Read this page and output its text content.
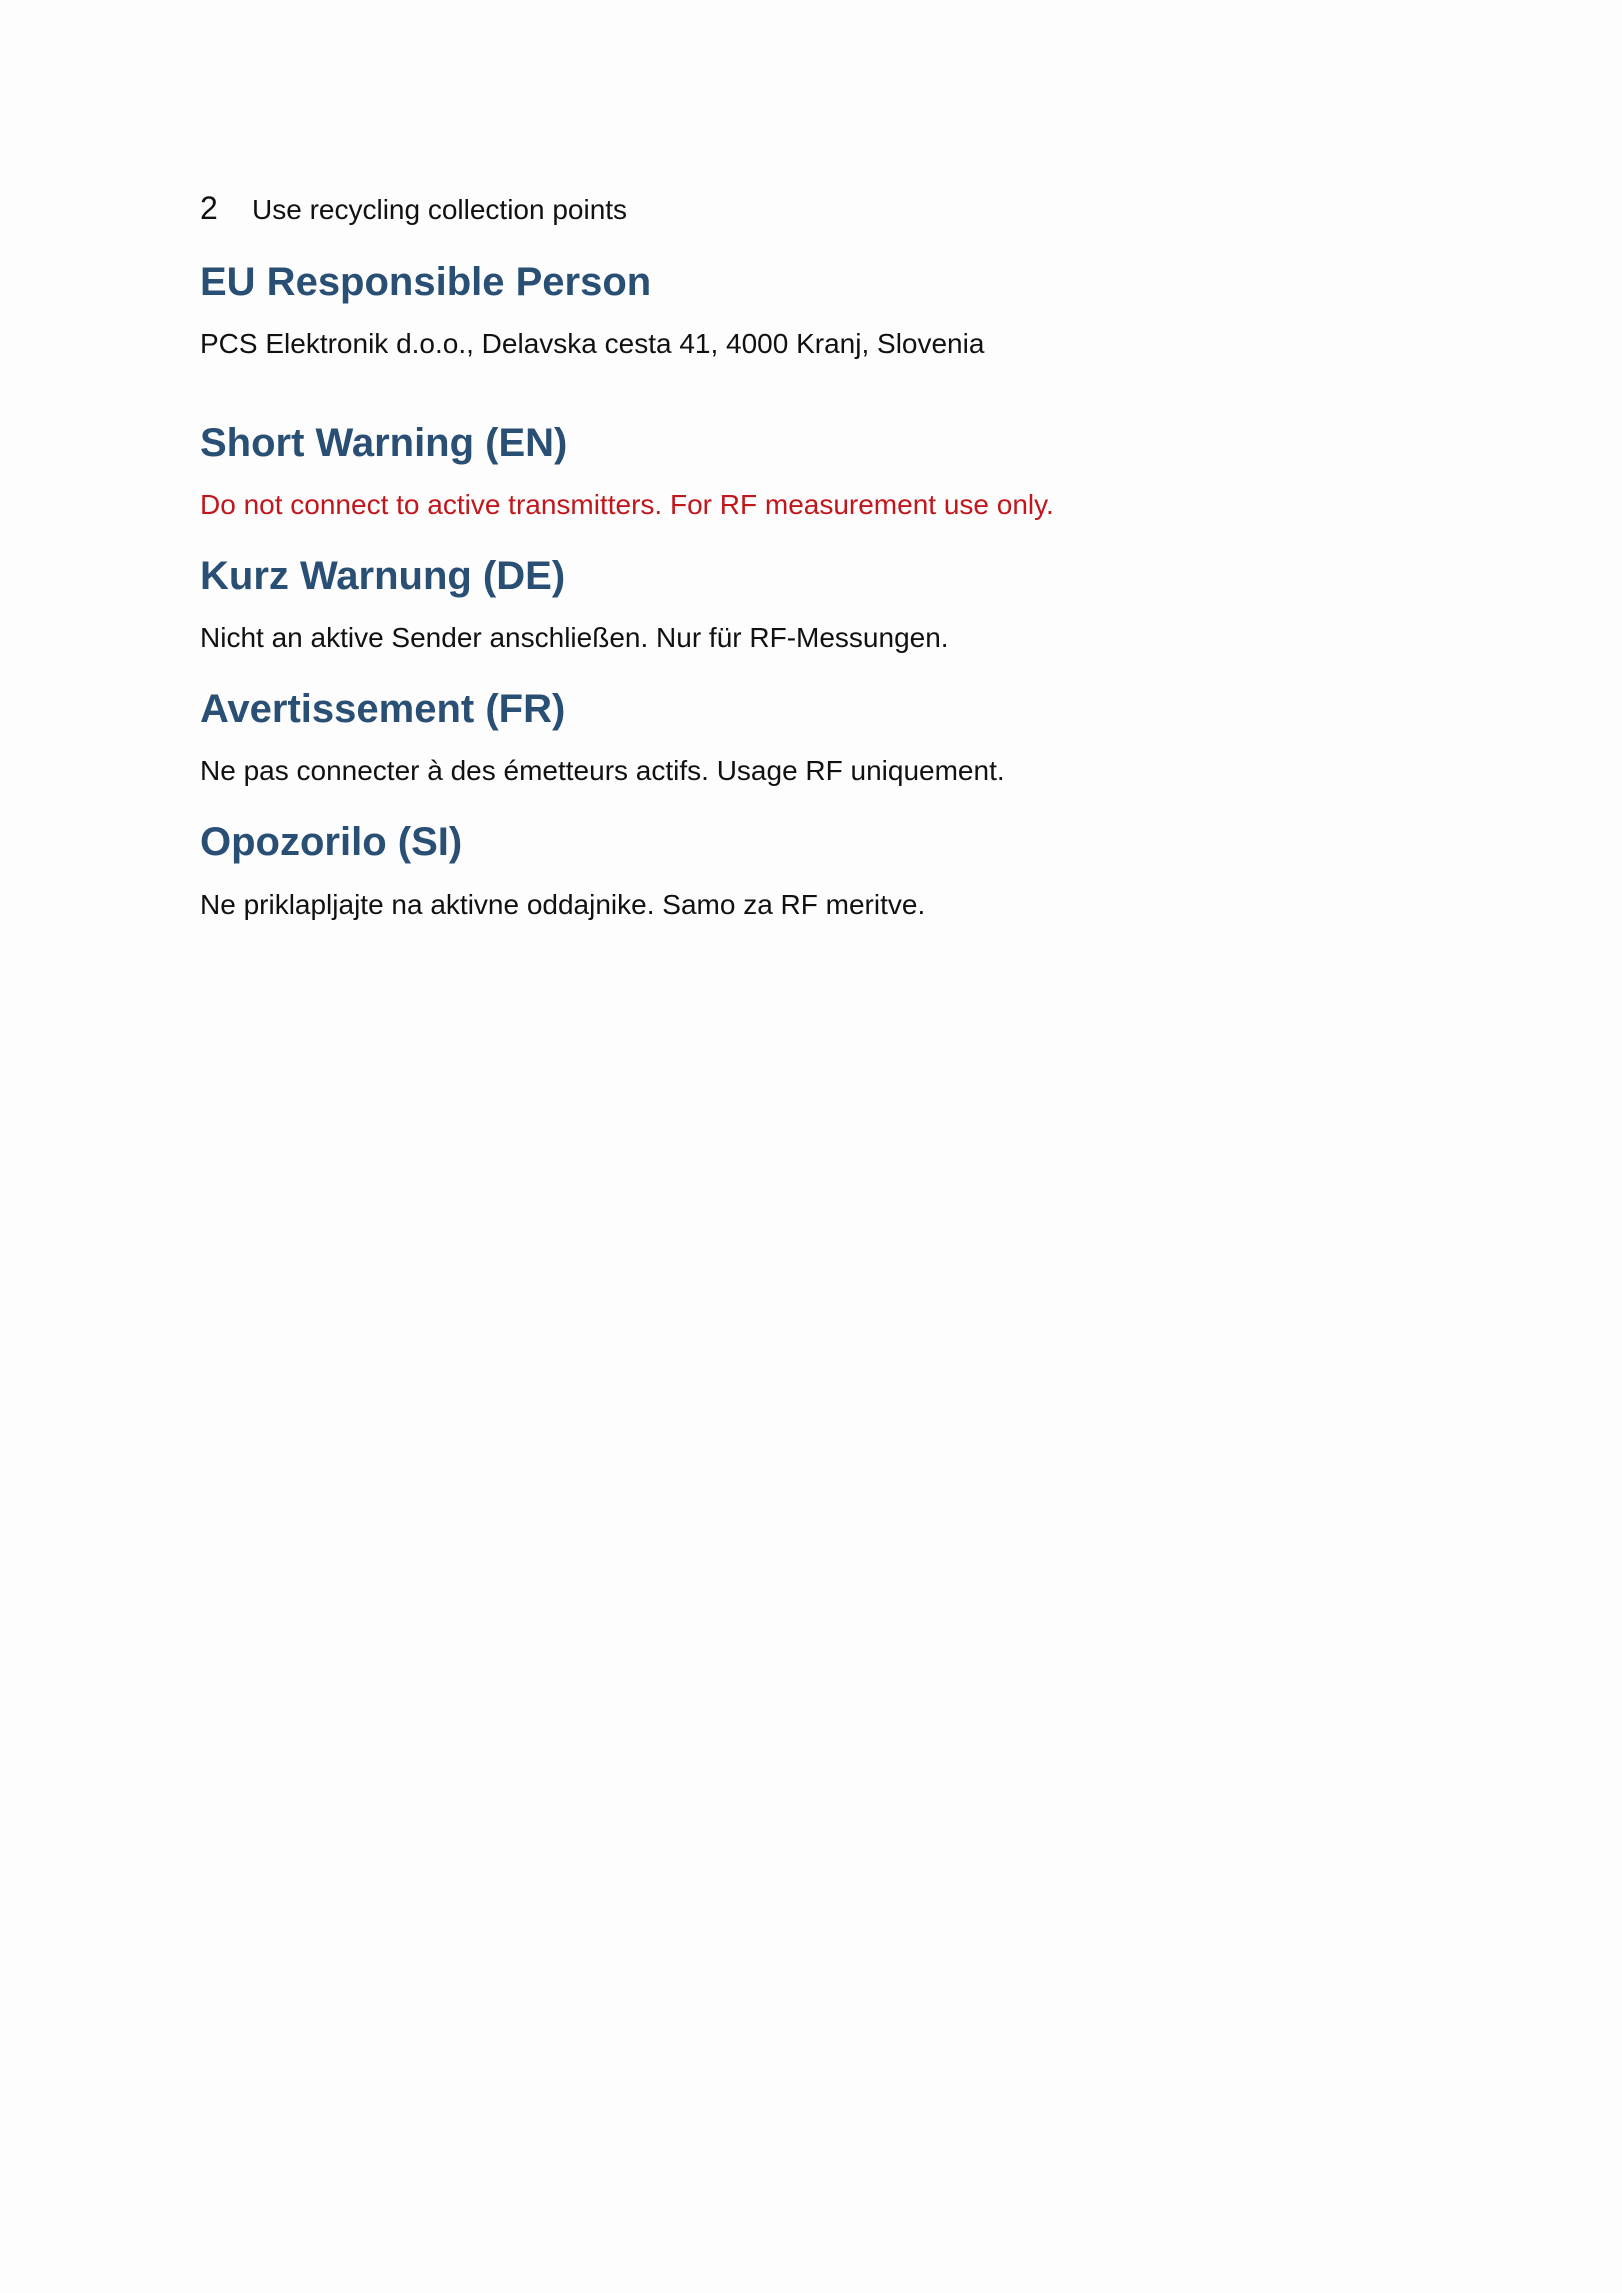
2	Use recycling collection points
EU Responsible Person

PCS Elektronik d.o.o., Delavska cesta 41, 4000 Kranj, Slovenia

Short Warning (EN)

Do not connect to active transmitters. For RF measurement use only.

Kurz Warnung (DE)

Nicht an aktive Sender anschließen. Nur für RF-Messungen.

Avertissement (FR)

Ne pas connecter à des émetteurs actifs. Usage RF uniquement.

Opozorilo (SI)

Ne priklapljajte na aktivne oddajnike. Samo za RF meritve.
